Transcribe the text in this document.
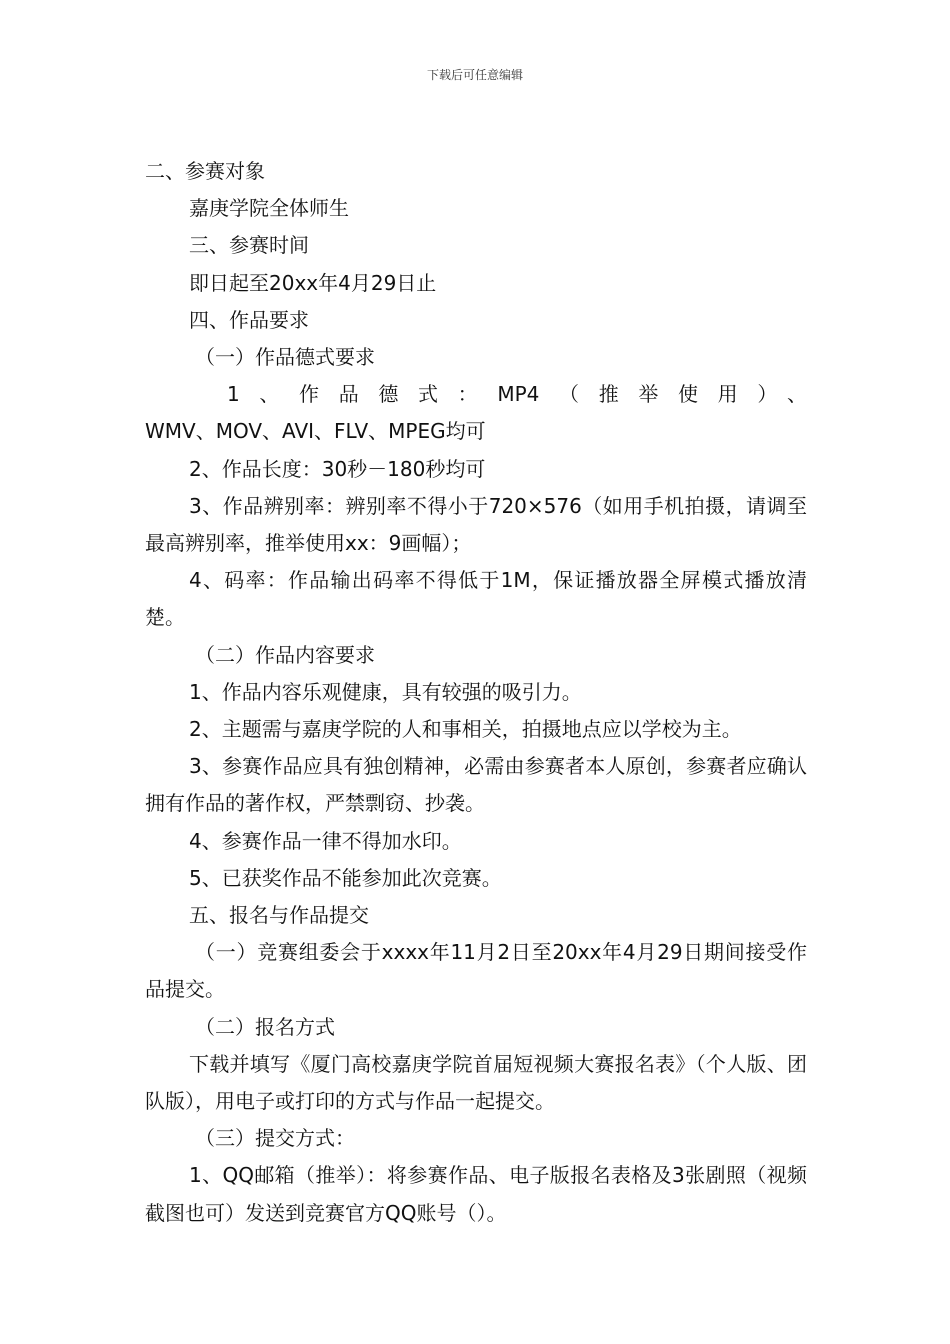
下载后可任意编辑

二、参赛对象

嘉庚学院全体师生

三、参赛时间

即日起至20xx年4月29日止

四、作品要求

（一）作品德式要求

1、作品德式：MP4（推举使用）、

WMV、MOV、AVI、FLV、MPEG均可

2、作品长度：30秒－180秒均可

3、作品辨别率：辨别率不得小于720×576（如用手机拍摄，请调至最高辨别率，推举使用xx：9画幅）；

4、码率：作品输出码率不得低于1M，保证播放器全屏模式播放清楚。

（二）作品内容要求

1、作品内容乐观健康，具有较强的吸引力。

2、主题需与嘉庚学院的人和事相关，拍摄地点应以学校为主。

3、参赛作品应具有独创精神，必需由参赛者本人原创，参赛者应确认拥有作品的著作权，严禁剽窃、抄袭。

4、参赛作品一律不得加水印。

5、已获奖作品不能参加此次竞赛。

五、报名与作品提交

（一）竞赛组委会于xxxx年11月2日至20xx年4月29日期间接受作品提交。

（二）报名方式

下载并填写《厦门高校嘉庚学院首届短视频大赛报名表》（个人版、团队版），用电子或打印的方式与作品一起提交。

（三）提交方式：

1、QQ邮箱（推举）：将参赛作品、电子版报名表格及3张剧照（视频截图也可）发送到竞赛官方QQ账号（）。
